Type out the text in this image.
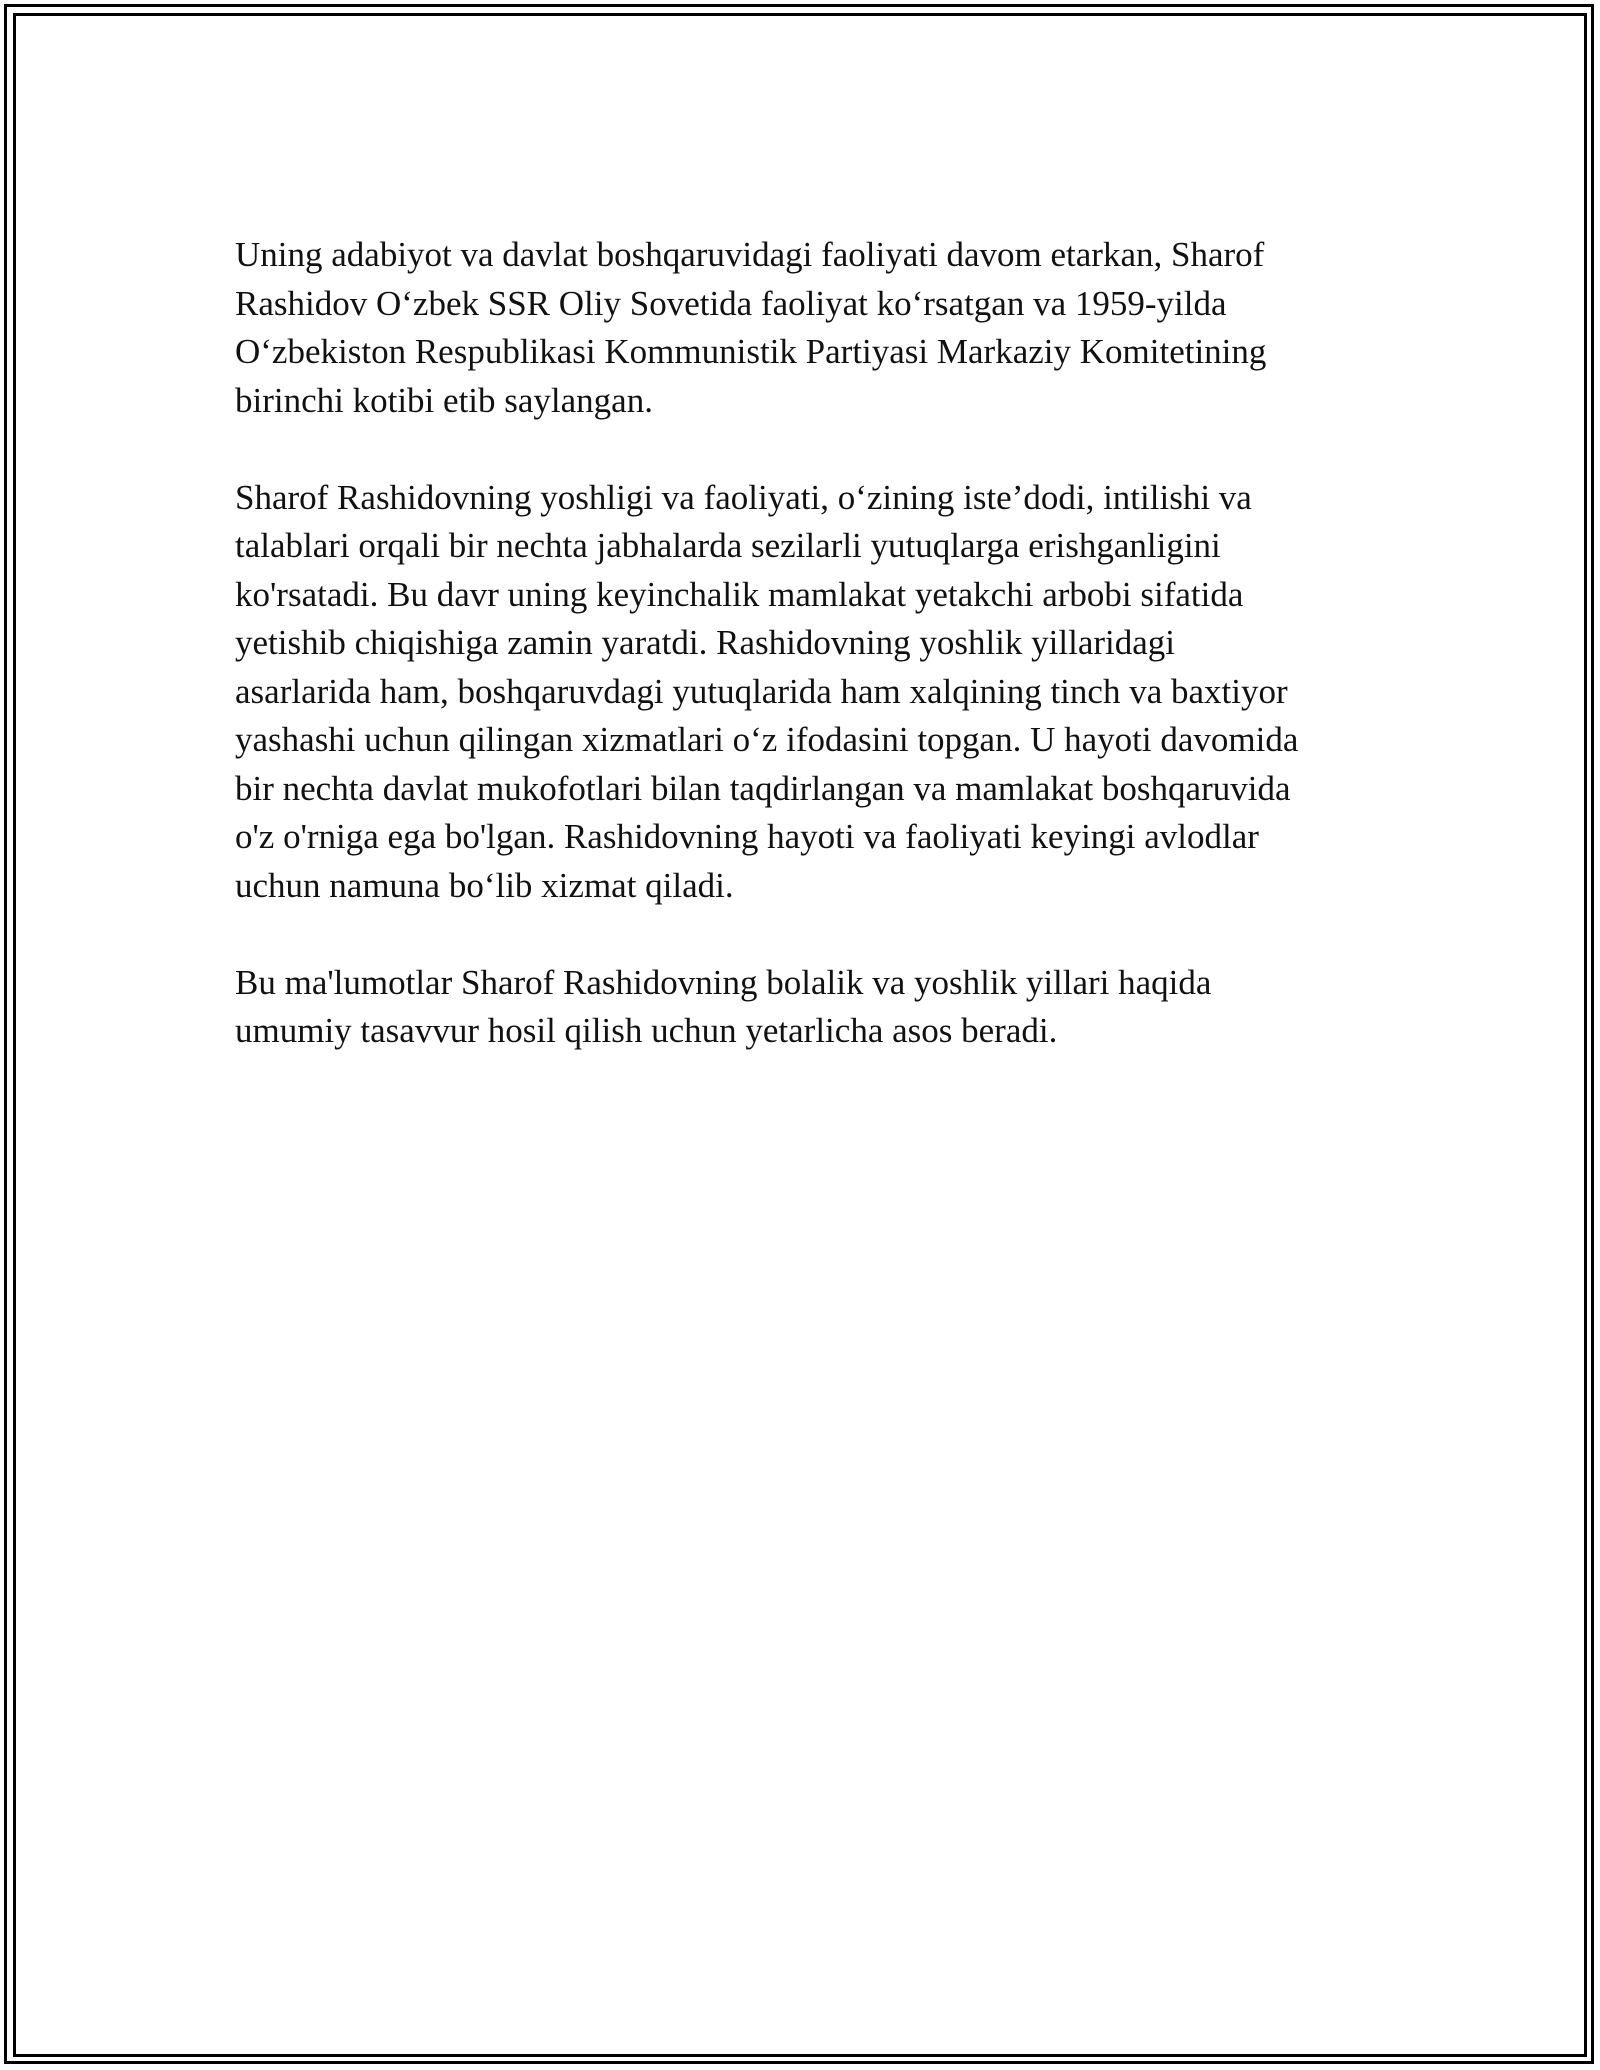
Uning adabiyot va davlat boshqaruvidagi faoliyati davom etarkan, Sharof
Rashidov O‘zbek SSR Oliy Sovetida faoliyat ko‘rsatgan va 1959-yilda
O‘zbekiston Respublikasi Kommunistik Partiyasi Markaziy Komitetining
birinchi kotibi etib saylangan.

Sharof Rashidovning yoshligi va faoliyati, o‘zining iste’dodi, intilishi va
talablari orqali bir nechta jabhalarda sezilarli yutuqlarga erishganligini
ko'rsatadi. Bu davr uning keyinchalik mamlakat yetakchi arbobi sifatida
yetishib chiqishiga zamin yaratdi. Rashidovning yoshlik yillaridagi
asarlarida ham, boshqaruvdagi yutuqlarida ham xalqining tinch va baxtiyor
yashashi uchun qilingan xizmatlari o‘z ifodasini topgan. U hayoti davomida
bir nechta davlat mukofotlari bilan taqdirlangan va mamlakat boshqaruvida
o'z o'rniga ega bo'lgan. Rashidovning hayoti va faoliyati keyingi avlodlar
uchun namuna bo‘lib xizmat qiladi.

Bu ma'lumotlar Sharof Rashidovning bolalik va yoshlik yillari haqida
umumiy tasavvur hosil qilish uchun yetarlicha asos beradi.
